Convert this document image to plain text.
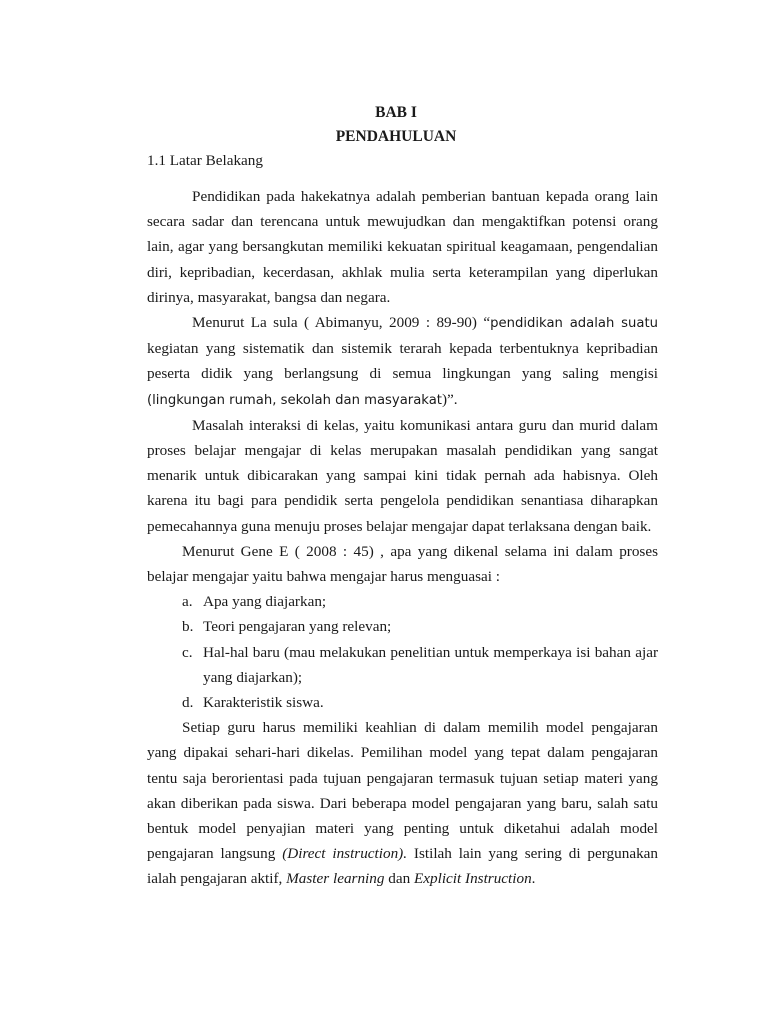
BAB I
PENDAHULUAN
1.1 Latar Belakang

Pendidikan pada hakekatnya adalah pemberian bantuan kepada orang lain secara sadar dan terencana untuk mewujudkan dan mengaktifkan potensi orang lain, agar yang bersangkutan memiliki kekuatan spiritual keagamaan, pengendalian diri, kepribadian, kecerdasan, akhlak mulia serta keterampilan yang diperlukan dirinya, masyarakat, bangsa dan negara.

Menurut La sula ( Abimanyu, 2009 : 89-90) “pendidikan adalah suatu kegiatan yang sistematik dan sistemik terarah kepada terbentuknya kepribadian peserta didik yang berlangsung di semua lingkungan yang saling mengisi (lingkungan rumah, sekolah dan masyarakat)”.

Masalah interaksi di kelas, yaitu komunikasi antara guru dan murid dalam proses belajar mengajar di kelas merupakan masalah pendidikan yang sangat menarik untuk dibicarakan yang sampai kini tidak pernah ada habisnya. Oleh karena itu bagi para pendidik serta pengelola pendidikan senantiasa diharapkan pemecahannya guna menuju proses belajar mengajar dapat terlaksana dengan baik.

Menurut Gene E ( 2008 : 45) , apa yang dikenal selama ini dalam proses belajar mengajar yaitu bahwa mengajar harus menguasai :

a. Apa yang diajarkan;
b. Teori pengajaran yang relevan;
c. Hal-hal baru (mau melakukan penelitian untuk memperkaya isi bahan ajar yang diajarkan);
d. Karakteristik siswa.

Setiap guru harus memiliki keahlian di dalam memilih model pengajaran yang dipakai sehari-hari dikelas. Pemilihan model yang tepat dalam pengajaran tentu saja berorientasi pada tujuan pengajaran termasuk tujuan setiap materi yang akan diberikan pada siswa. Dari beberapa model pengajaran yang baru, salah satu bentuk model penyajian materi yang penting untuk diketahui adalah model pengajaran langsung (Direct instruction). Istilah lain yang sering di pergunakan ialah pengajaran aktif, Master learning dan Explicit Instruction.
